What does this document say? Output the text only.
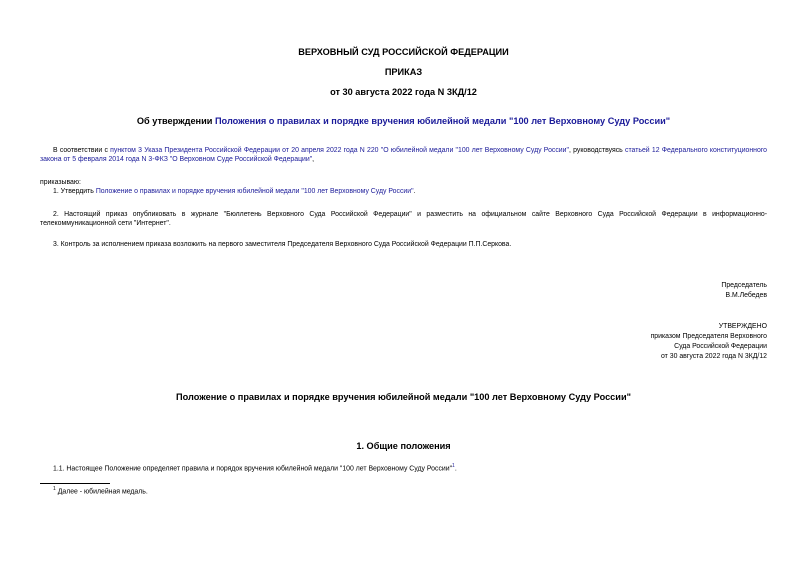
ВЕРХОВНЫЙ СУД РОССИЙСКОЙ ФЕДЕРАЦИИ
ПРИКАЗ
от 30 августа 2022 года N 3КД/12
Об утверждении Положения о правилах и порядке вручения юбилейной медали "100 лет Верховному Суду России"
В соответствии с пунктом 3 Указа Президента Российской Федерации от 20 апреля 2022 года N 220 "О юбилейной медали "100 лет Верховному Суду России", руководствуясь статьей 12 Федерального конституционного закона от 5 февраля 2014 года N 3-ФКЗ "О Верховном Суде Российской Федерации",
приказываю:
1. Утвердить Положение о правилах и порядке вручения юбилейной медали "100 лет Верховному Суду России".
2. Настоящий приказ опубликовать в журнале "Бюллетень Верховного Суда Российской Федерации" и разместить на официальном сайте Верховного Суда Российской Федерации в информационно-телекоммуникационной сети "Интернет".
3. Контроль за исполнением приказа возложить на первого заместителя Председателя Верховного Суда Российской Федерации П.П.Серкова.
Председатель
В.М.Лебедев
УТВЕРЖДЕНО
приказом Председателя Верховного
Суда Российской Федерации
от 30 августа 2022 года N 3КД/12
Положение о правилах и порядке вручения юбилейной медали "100 лет Верховному Суду России"
1. Общие положения
1.1. Настоящее Положение определяет правила и порядок вручения юбилейной медали "100 лет Верховному Суду России"$^1$.
$^1$ Далее - юбилейная медаль.
